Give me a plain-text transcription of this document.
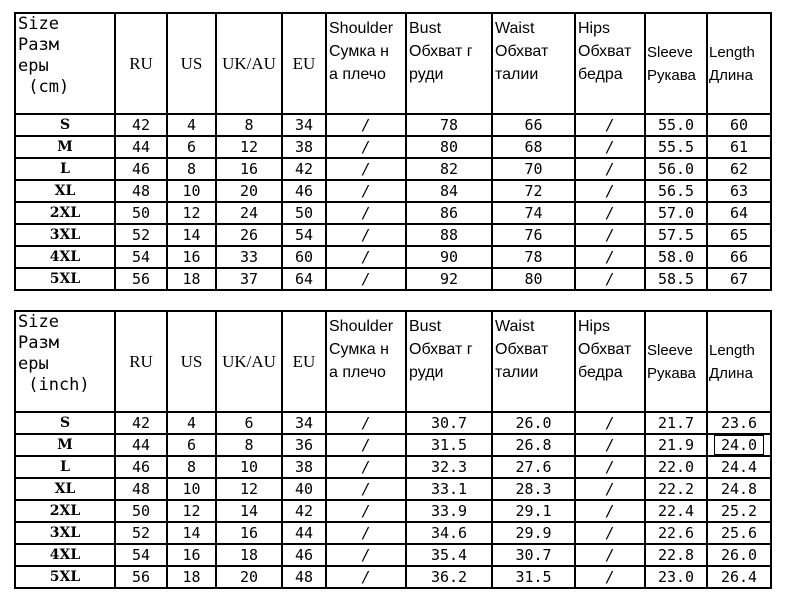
Size
Разм
еры
(cm)	RU	US	UK/AU	EU	Shoulder
Сумка н
а плечо	Bust
Обхват г
руди	Waist
Обхват
талии	Hips
Обхват
бедра	Sleeve
Рукава	Length
Длина
S	42	4	8	34	/	78	66	/	55.0	60
M	44	6	12	38	/	80	68	/	55.5	61
L	46	8	16	42	/	82	70	/	56.0	62
XL	48	10	20	46	/	84	72	/	56.5	63
2XL	50	12	24	50	/	86	74	/	57.0	64
3XL	52	14	26	54	/	88	76	/	57.5	65
4XL	54	16	33	60	/	90	78	/	58.0	66
5XL	56	18	37	64	/	92	80	/	58.5	67
Size
Разм
еры
(inch)	RU	US	UK/AU	EU	Shoulder
Сумка н
а плечо	Bust
Обхват г
руди	Waist
Обхват
талии	Hips
Обхват
бедра	Sleeve
Рукава	Length
Длина
S	42	4	6	34	/	30.7	26.0	/	21.7	23.6
M	44	6	8	36	/	31.5	26.8	/	21.9	24.0
L	46	8	10	38	/	32.3	27.6	/	22.0	24.4
XL	48	10	12	40	/	33.1	28.3	/	22.2	24.8
2XL	50	12	14	42	/	33.9	29.1	/	22.4	25.2
3XL	52	14	16	44	/	34.6	29.9	/	22.6	25.6
4XL	54	16	18	46	/	35.4	30.7	/	22.8	26.0
5XL	56	18	20	48	/	36.2	31.5	/	23.0	26.4
